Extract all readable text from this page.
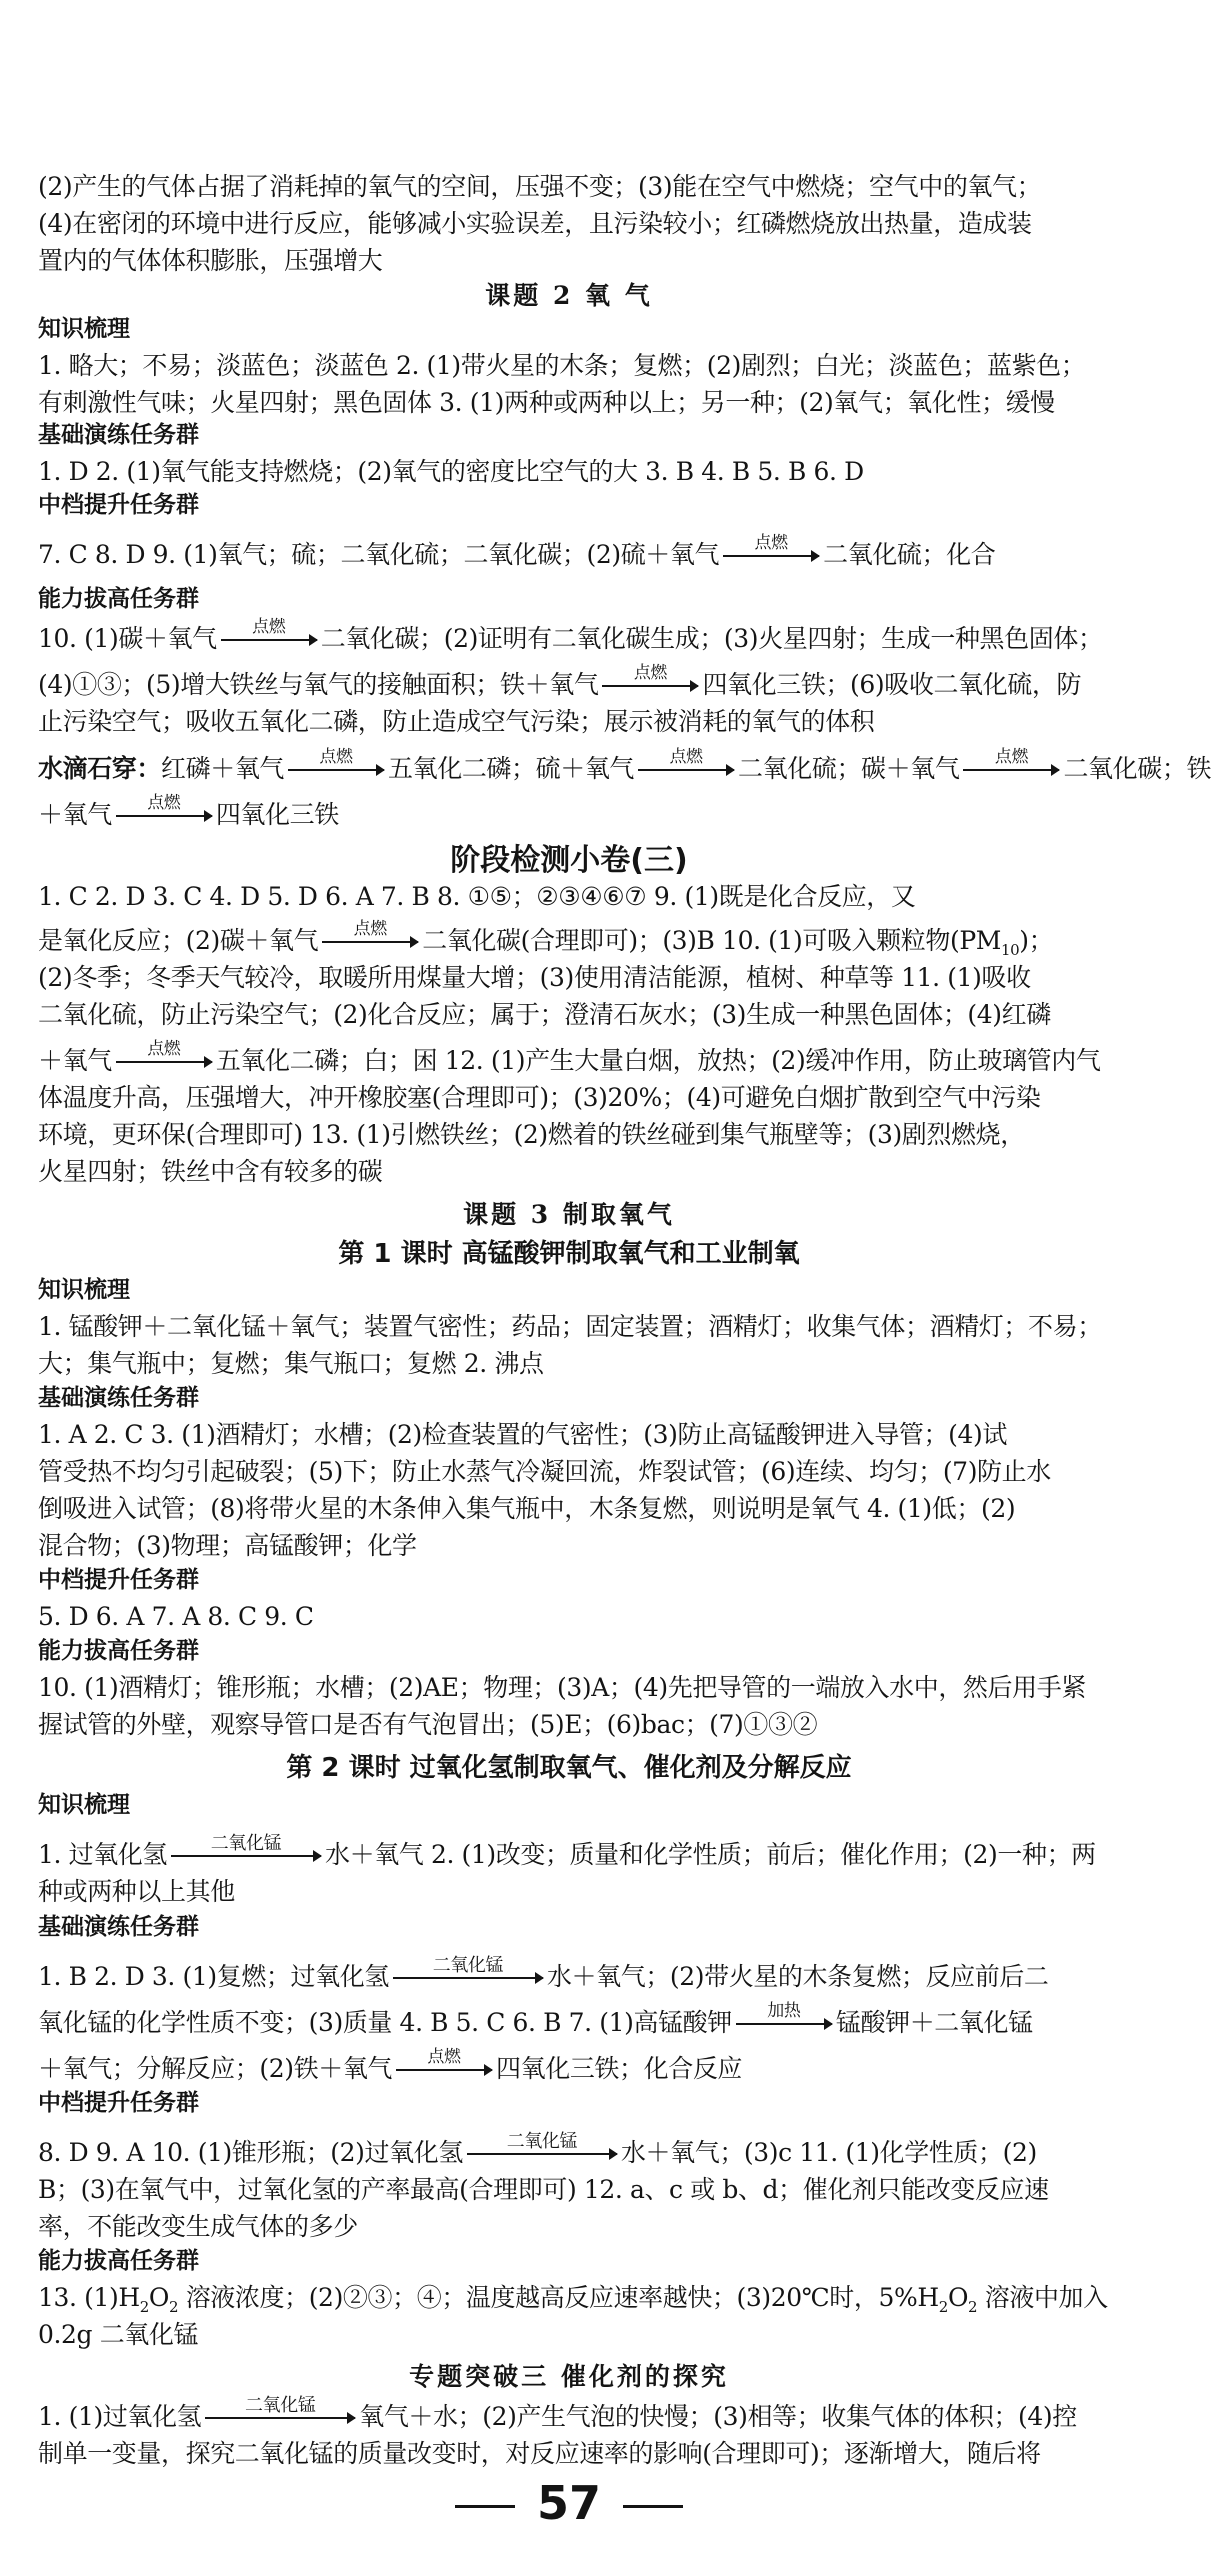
(2)产生的气体占据了消耗掉的氧气的空间，压强不变；(3)能在空气中燃烧；空气中的氧气；
(4)在密闭的环境中进行反应，能够减小实验误差，且污染较小；红磷燃烧放出热量，造成装
置内的气体体积膨胀，压强增大
课题 2 氧 气
知识梳理
1. 略大；不易；淡蓝色；淡蓝色 2. (1)带火星的木条；复燃；(2)剧烈；白光；淡蓝色；蓝紫色；
有刺激性气味；火星四射；黑色固体 3. (1)两种或两种以上；另一种；(2)氧气；氧化性；缓慢
基础演练任务群
1. D 2. (1)氧气能支持燃烧；(2)氧气的密度比空气的大 3. B 4. B 5. B 6. D
中档提升任务群
7. C 8. D 9. (1)氧气；硫；二氧化硫；二氧化碳；(2)硫＋氧气	点燃	二氧化硫；化合
能力拔高任务群
10. (1)碳＋氧气	点燃	二氧化碳；(2)证明有二氧化碳生成；(3)火星四射；生成一种黑色固体；
(4)①③；(5)增大铁丝与氧气的接触面积；铁＋氧气	点燃	四氧化三铁；(6)吸收二氧化硫，防
止污染空气；吸收五氧化二磷，防止造成空气污染；展示被消耗的氧气的体积
水滴石穿：红磷＋氧气	点燃	五氧化二磷；硫＋氧气	点燃	二氧化硫；碳＋氧气	点燃	二氧化碳；铁
＋氧气	点燃	四氧化三铁
阶段检测小卷(三)
1. C 2. D 3. C 4. D 5. D 6. A 7. B 8. ①⑤；②③④⑥⑦ 9. (1)既是化合反应，又
是氧化反应；(2)碳＋氧气	点燃	二氧化碳(合理即可)；(3)B 10. (1)可吸入颗粒物$(PM_{10})$；
(2)冬季；冬季天气较冷，取暖所用煤量大增；(3)使用清洁能源，植树、种草等 11. (1)吸收
二氧化硫，防止污染空气；(2)化合反应；属于；澄清石灰水；(3)生成一种黑色固体；(4)红磷
＋氧气	点燃	五氧化二磷；白；困 12. (1)产生大量白烟，放热；(2)缓冲作用，防止玻璃管内气
体温度升高，压强增大，冲开橡胶塞(合理即可)；(3)20%；(4)可避免白烟扩散到空气中污染
环境，更环保(合理即可) 13. (1)引燃铁丝；(2)燃着的铁丝碰到集气瓶壁等；(3)剧烈燃烧，
火星四射；铁丝中含有较多的碳
课题 3 制取氧气
第 1 课时 高锰酸钾制取氧气和工业制氧
知识梳理
1. 锰酸钾＋二氧化锰＋氧气；装置气密性；药品；固定装置；酒精灯；收集气体；酒精灯；不易；
大；集气瓶中；复燃；集气瓶口；复燃 2. 沸点
基础演练任务群
1. A 2. C 3. (1)酒精灯；水槽；(2)检查装置的气密性；(3)防止高锰酸钾进入导管；(4)试
管受热不均匀引起破裂；(5)下；防止水蒸气冷凝回流，炸裂试管；(6)连续、均匀；(7)防止水
倒吸进入试管；(8)将带火星的木条伸入集气瓶中，木条复燃，则说明是氧气 4. (1)低；(2)
混合物；(3)物理；高锰酸钾；化学
中档提升任务群
5. D 6. A 7. A 8. C 9. C
能力拔高任务群
10. (1)酒精灯；锥形瓶；水槽；(2)AE；物理；(3)A；(4)先把导管的一端放入水中，然后用手紧
握试管的外壁，观察导管口是否有气泡冒出；(5)E；(6)bac；(7)①③②
第 2 课时 过氧化氢制取氧气、催化剂及分解反应
知识梳理
1. 过氧化氢	二氧化锰	水＋氧气 2. (1)改变；质量和化学性质；前后；催化作用；(2)一种；两
种或两种以上其他
基础演练任务群
1. B 2. D 3. (1)复燃；过氧化氢	二氧化锰	水＋氧气；(2)带火星的木条复燃；反应前后二
氧化锰的化学性质不变；(3)质量 4. B 5. C 6. B 7. (1)高锰酸钾	加热	锰酸钾＋二氧化锰
＋氧气；分解反应；(2)铁＋氧气	点燃	四氧化三铁；化合反应
中档提升任务群
8. D 9. A 10. (1)锥形瓶；(2)过氧化氢	二氧化锰	水＋氧气；(3)c 11. (1)化学性质；(2)
B；(3)在氧气中，过氧化氢的产率最高(合理即可) 12. a、c 或 b、d；催化剂只能改变反应速
率，不能改变生成气体的多少
能力拔高任务群
13. $(1)H_2O_2$ 溶液浓度；(2)②③；④；温度越高反应速率越快；(3)20℃时，$5\%H_2O_2$ 溶液中加入
0.2g 二氧化锰
专题突破三 催化剂的探究
1. (1)过氧化氢	二氧化锰	氧气＋水；(2)产生气泡的快慢；(3)相等；收集气体的体积；(4)控
制单一变量，探究二氧化锰的质量改变时，对反应速率的影响(合理即可)；逐渐增大，随后将
57
